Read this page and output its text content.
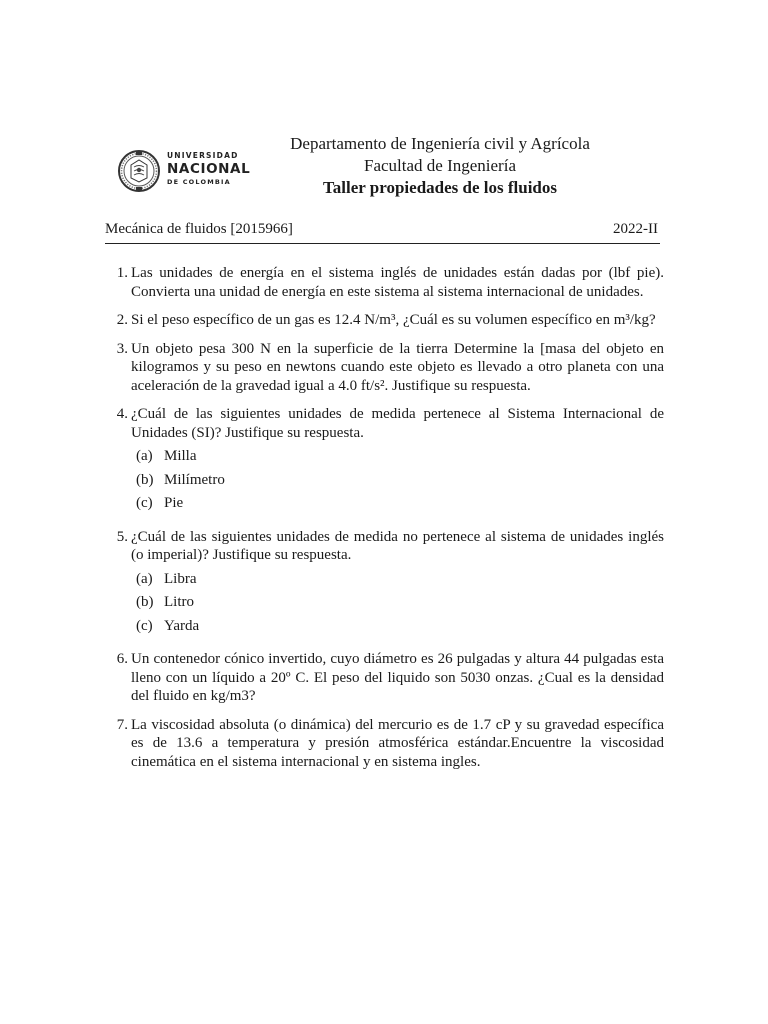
UNIVERSIDAD
NACIONAL
DE COLOMBIA
Departamento de Ingeniería civil y Agrícola
Facultad de Ingeniería
Taller propiedades de los fluidos
Mecánica de fluidos [2015966]	2022-II
1. Las unidades de energía en el sistema inglés de unidades están dadas por (lbf pie). Convierta una unidad de energía en este sistema al sistema internacional de unidades.
2. Si el peso específico de un gas es 12.4 N/m³, ¿Cuál es su volumen específico en m³/kg?
3. Un objeto pesa 300 N en la superficie de la tierra Determine la [masa del objeto en kilogramos y su peso en newtons cuando este objeto es llevado a otro planeta con una aceleración de la gravedad igual a 4.0 ft/s². Justifique su respuesta.
4. ¿Cuál de las siguientes unidades de medida pertenece al Sistema Internacional de Unidades (SI)? Justifique su respuesta.
(a) Milla
(b) Milímetro
(c) Pie
5. ¿Cuál de las siguientes unidades de medida no pertenece al sistema de unidades inglés (o imperial)? Justifique su respuesta.
(a) Libra
(b) Litro
(c) Yarda
6. Un contenedor cónico invertido, cuyo diámetro es 26 pulgadas y altura 44 pulgadas esta lleno con un líquido a 20º C. El peso del liquido son 5030 onzas. ¿Cual es la densidad del fluido en kg/m3?
7. La viscosidad absoluta (o dinámica) del mercurio es de 1.7 cP y su gravedad específica es de 13.6 a temperatura y presión atmosférica estándar.Encuentre la viscosidad cinemática en el sistema internacional y en sistema ingles.
